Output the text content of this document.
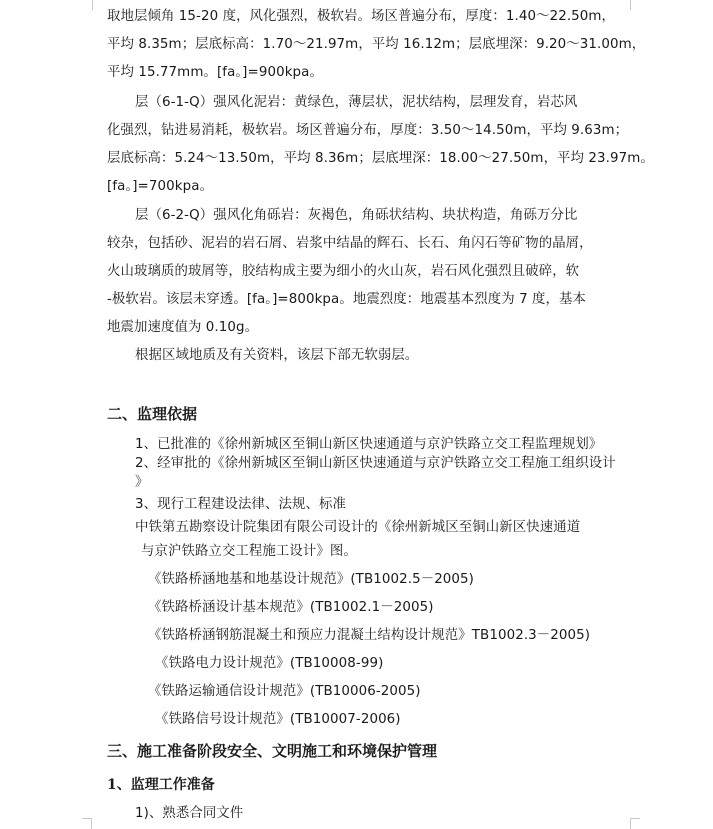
取地层倾角 15-20 度，风化强烈，极软岩。场区普遍分布，厚度：1.40～22.50m，
平均 8.35m；层底标高：1.70～21.97m，平均 16.12m；层底埋深：9.20～31.00m，
平均 15.77mm。[fa。]=900kpa。
层（6-1-Q）强风化泥岩：黄绿色，薄层状，泥状结构，层理发育，岩芯风
化强烈，钻进易消耗，极软岩。场区普遍分布，厚度：3.50～14.50m，平均 9.63m；
层底标高：5.24～13.50m，平均 8.36m；层底埋深：18.00～27.50m，平均 23.97m。
[fa。]=700kpa。
层（6-2-Q）强风化角砾岩：灰褐色，角砾状结构、块状构造，角砾万分比
较杂，包括砂、泥岩的岩石屑、岩浆中结晶的辉石、长石、角闪石等矿物的晶屑，
火山玻璃质的玻屑等，胶结构成主要为细小的火山灰，岩石风化强烈且破碎，软
-极软岩。该层未穿透。[fa。]=800kpa。地震烈度：地震基本烈度为 7 度，基本
地震加速度值为 0.10g。
根据区域地质及有关资料，该层下部无软弱层。
二、监理依据
1、已批准的《徐州新城区至铜山新区快速通道与京沪铁路立交工程监理规划》
2、经审批的《徐州新城区至铜山新区快速通道与京沪铁路立交工程施工组织设计
》
3、现行工程建设法律、法规、标准
中铁第五勘察设计院集团有限公司设计的《徐州新城区至铜山新区快速通道
与京沪铁路立交工程施工设计》图。
《铁路桥涵地基和地基设计规范》(TB1002.5－2005)
《铁路桥涵设计基本规范》(TB1002.1－2005)
《铁路桥涵钢筋混凝土和预应力混凝土结构设计规范》TB1002.3－2005)
《铁路电力设计规范》(TB10008-99)
《铁路运输通信设计规范》(TB10006-2005)
《铁路信号设计规范》(TB10007-2006)
三、施工准备阶段安全、文明施工和环境保护管理
1、监理工作准备
1)、熟悉合同文件
